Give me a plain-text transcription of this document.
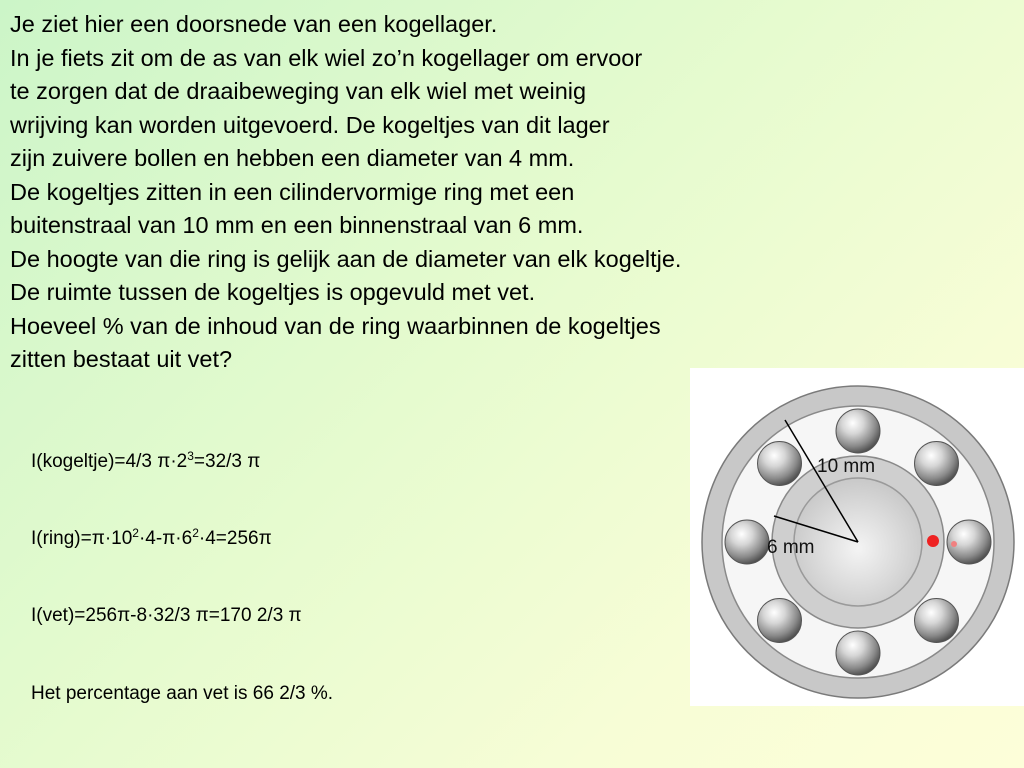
Je ziet hier een doorsnede van een kogellager.
In je fiets zit om de as van elk wiel zo’n kogellager om ervoor
te zorgen dat de draaibeweging van elk wiel met weinig
wrijving kan worden uitgevoerd. De kogeltjes van dit lager
zijn zuivere bollen en hebben een diameter van 4 mm.
De kogeltjes zitten in een cilindervormige ring met een
buitenstraal van 10 mm en een binnenstraal van 6 mm.
De hoogte van die ring is gelijk aan de diameter van elk kogeltje.
De ruimte tussen de kogeltjes is opgevuld met vet.
Hoeveel % van de inhoud van de ring waarbinnen de kogeltjes
zitten bestaat uit vet?
I(kogeltje)=4/3 $\pi\cdot 2^3=32/3$ π
$I(ring)=\pi\cdot 10^2\cdot 4-\pi\cdot 6^2\cdot 4=256\pi$
I(vet)=256π-8·32/3 π=170 2/3 π
Het percentage aan vet is 66 2/3 %.
10 mm
6 mm
